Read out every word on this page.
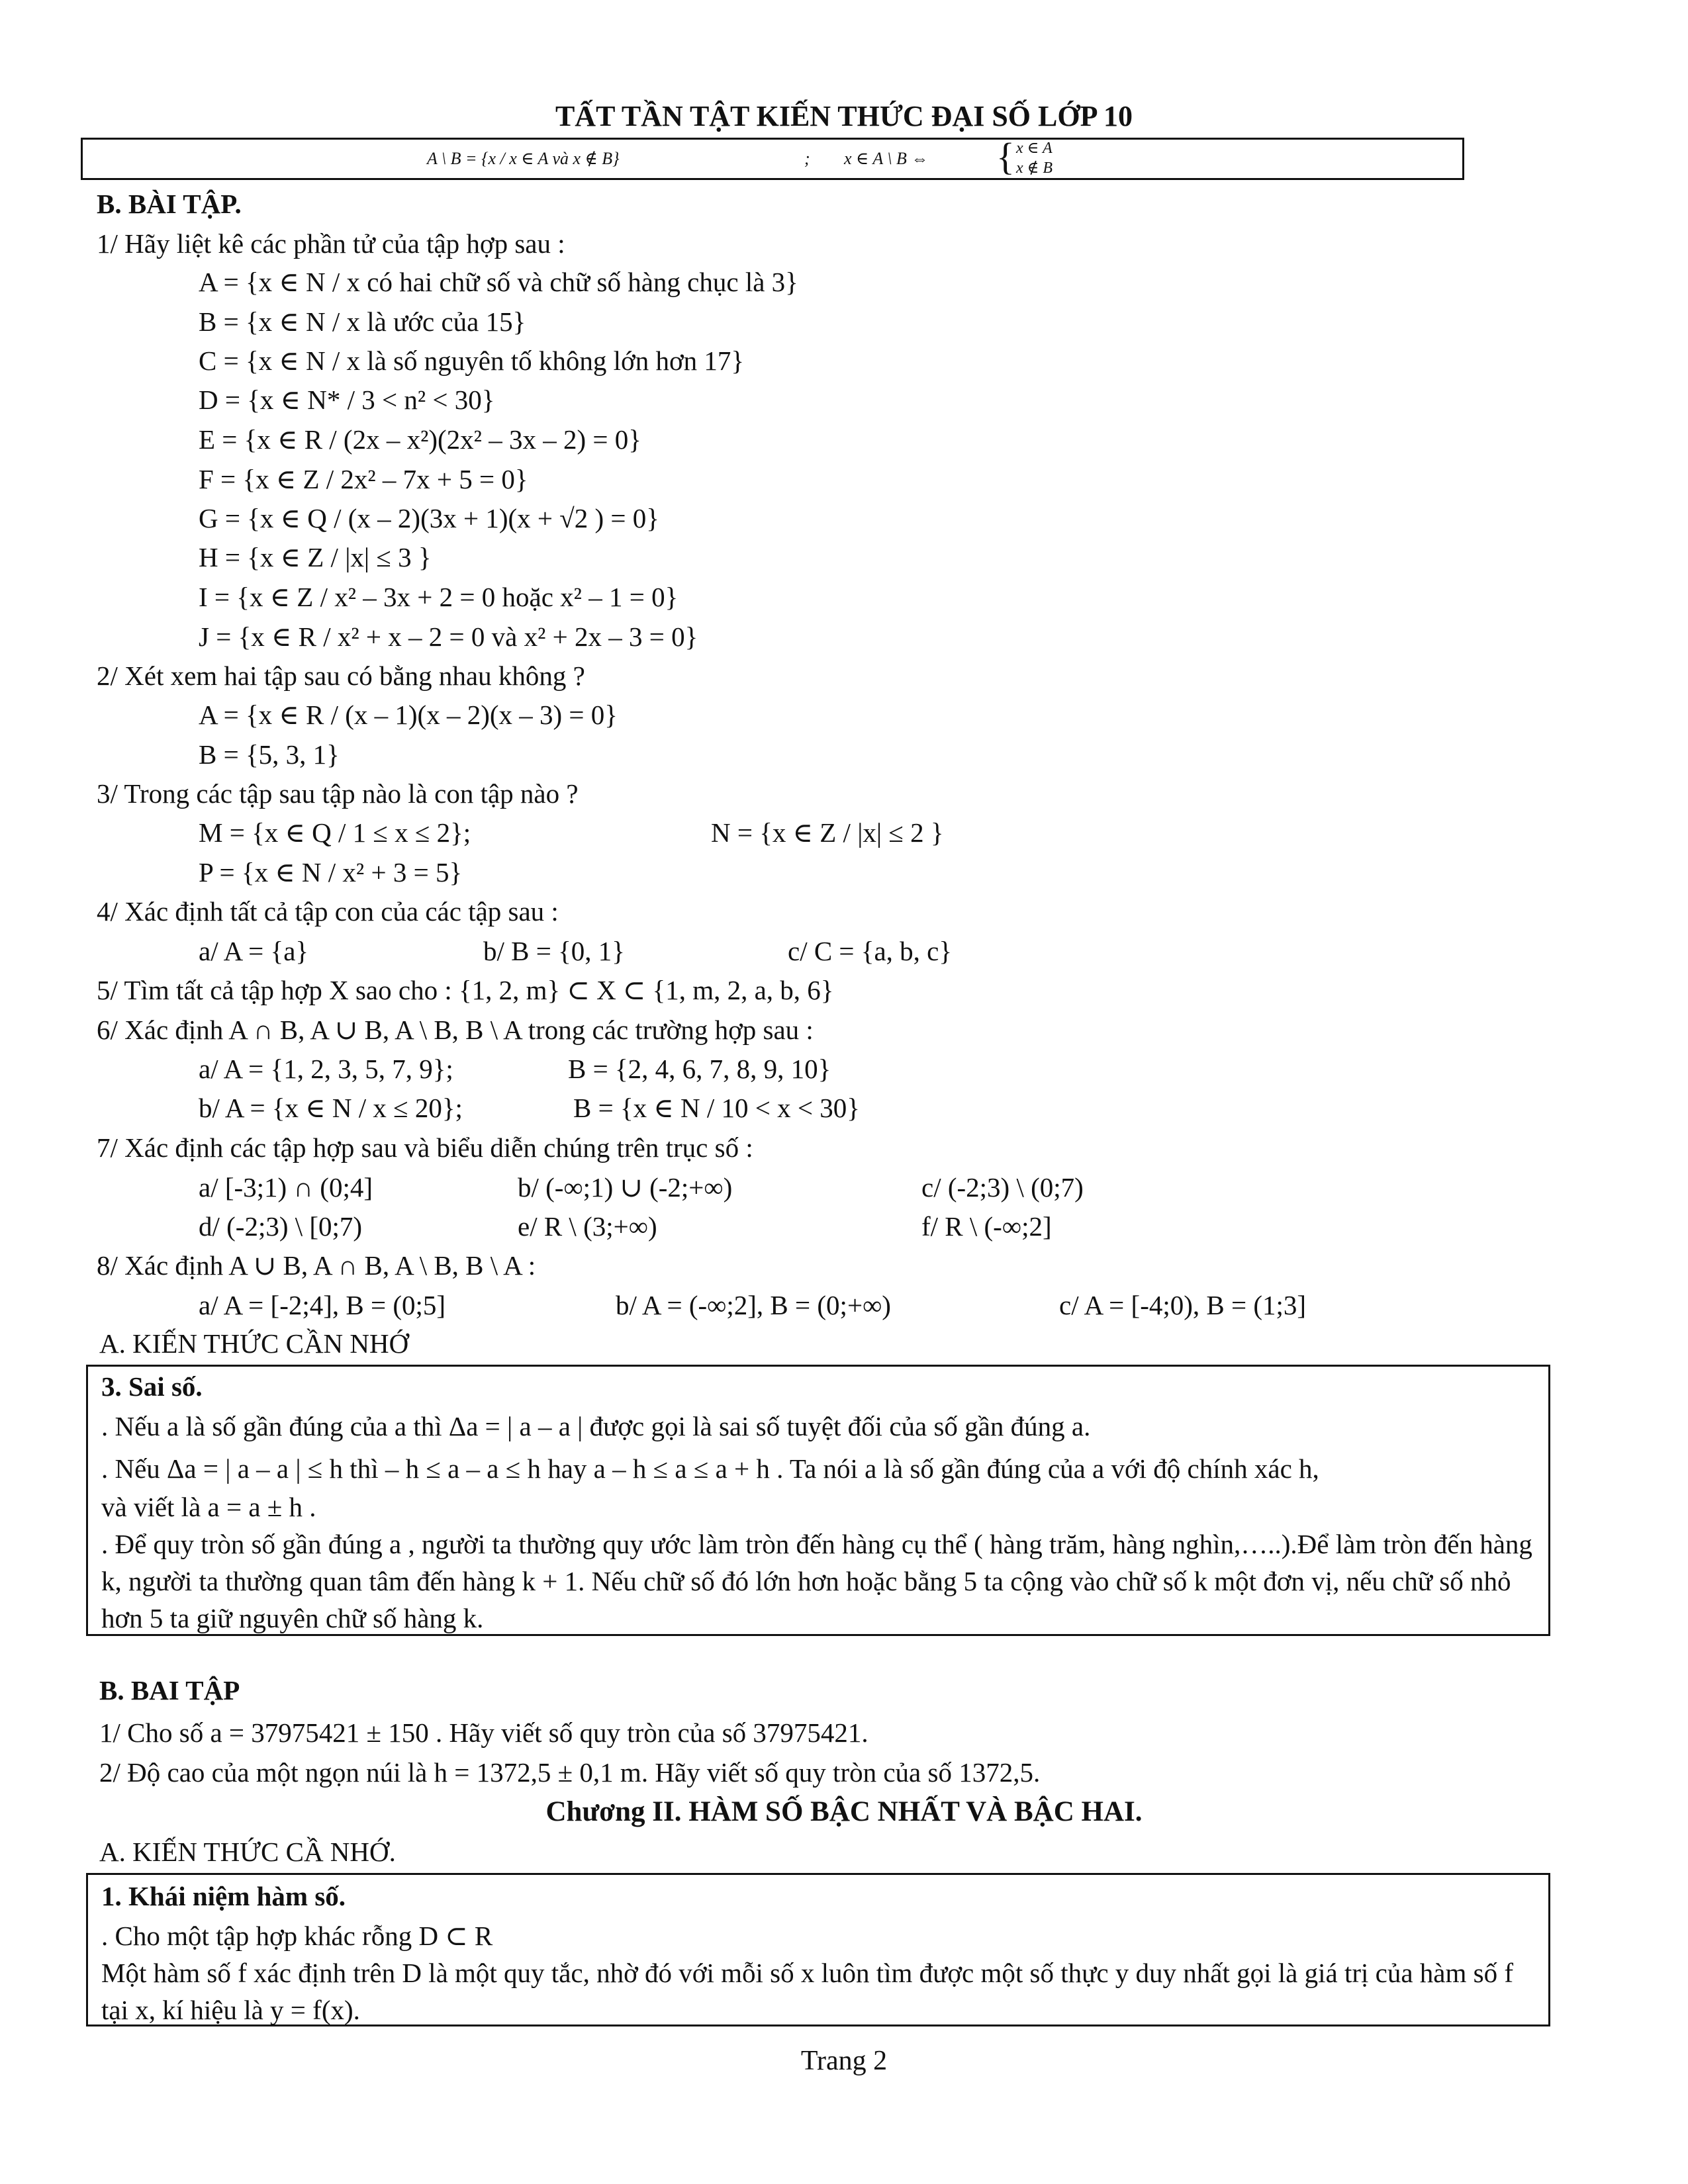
TẤT TẦN TẬT KIẾN THỨC ĐẠI SỐ LỚP 10
A \ B = {x / x ∈ A và x ∉ B}	; x ∈ A \ B ⇔ { x ∈ A
x ∉ B
B. BÀI TẬP.
1/ Hãy liệt kê các phần tử của tập hợp sau :
A = {x ∈ N / x có hai chữ số và chữ số hàng chục là 3}
B = {x ∈ N / x là ước của 15}
C = {x ∈ N / x là số nguyên tố không lớn hơn 17}
D = {x ∈ N* / 3 < n² < 30}
E = {x ∈ R / (2x – x²)(2x² – 3x – 2) = 0}
F = {x ∈ Z / 2x² – 7x + 5 = 0}
G = {x ∈ Q / (x – 2)(3x + 1)(x + √2 ) = 0}
H = {x ∈ Z / |x| ≤ 3 }
I = {x ∈ Z / x² – 3x + 2 = 0 hoặc x² – 1 = 0}
J = {x ∈ R / x² + x – 2 = 0 và x² + 2x – 3 = 0}
2/ Xét xem hai tập sau có bằng nhau không ?
A = {x ∈ R / (x – 1)(x – 2)(x – 3) = 0}
B = {5, 3, 1}
3/ Trong các tập sau tập nào là con tập nào ?
M = {x ∈ Q / 1 ≤ x ≤ 2};	N = {x ∈ Z / |x| ≤ 2 }
P = {x ∈ N / x² + 3 = 5}
4/ Xác định tất cả tập con của các tập sau :
a/ A = {a}	b/ B = {0, 1}	c/ C = {a, b, c}
5/ Tìm tất cả tập hợp X sao cho : {1, 2, m} ⊂ X ⊂ {1, m, 2, a, b, 6}
6/ Xác định A ∩ B, A ∪ B, A \ B, B \ A trong các trường hợp sau :
a/ A = {1, 2, 3, 5, 7, 9};	B = {2, 4, 6, 7, 8, 9, 10}
b/ A = {x ∈ N / x ≤ 20};	B = {x ∈ N / 10 < x < 30}
7/ Xác định các tập hợp sau và biểu diễn chúng trên trục số :
a/ [-3;1) ∩ (0;4]	b/ (-∞;1) ∪ (-2;+∞)	c/ (-2;3) \ (0;7)
d/ (-2;3) \ [0;7)	e/ R \ (3;+∞)	f/ R \ (-∞;2]
8/ Xác định A ∪ B, A ∩ B, A \ B, B \ A :
a/ A = [-2;4], B = (0;5]	b/ A = (-∞;2], B = (0;+∞)	c/ A = [-4;0), B = (1;3]
A. KIẾN THỨC CẦN NHỚ
3. Sai số.
. Nếu a là số gần đúng của a thì Δa = | a – a | được gọi là sai số tuyệt đối của số gần đúng a.
. Nếu Δa = | a – a | ≤ h thì – h ≤ a – a ≤ h hay a – h ≤ a ≤ a + h . Ta nói a là số gần đúng của a với độ chính xác h,
và viết là a = a ± h .
. Để quy tròn số gần đúng a , người ta thường quy ước làm tròn đến hàng cụ thể ( hàng trăm, hàng nghìn,…..).Để làm tròn đến hàng k, người ta thường quan tâm đến hàng k + 1. Nếu chữ số đó lớn hơn hoặc bằng 5 ta cộng vào chữ số k một đơn vị, nếu chữ số nhỏ hơn 5 ta giữ nguyên chữ số hàng k.
B. BAI TẬP
1/ Cho số a = 37975421 ± 150 . Hãy viết số quy tròn của số 37975421.
2/ Độ cao của một ngọn núi là h = 1372,5 ± 0,1 m. Hãy viết số quy tròn của số 1372,5.
Chương II. HÀM SỐ BẬC NHẤT VÀ BẬC HAI.
A. KIẾN THỨC CẦ NHỚ.
1. Khái niệm hàm số.
. Cho một tập hợp khác rỗng D ⊂ R
Một hàm số f xác định trên D là một quy tắc, nhờ đó với mỗi số x luôn tìm được một số thực y duy nhất gọi là giá trị của hàm số f tại x, kí hiệu là y = f(x).
Trang 2
